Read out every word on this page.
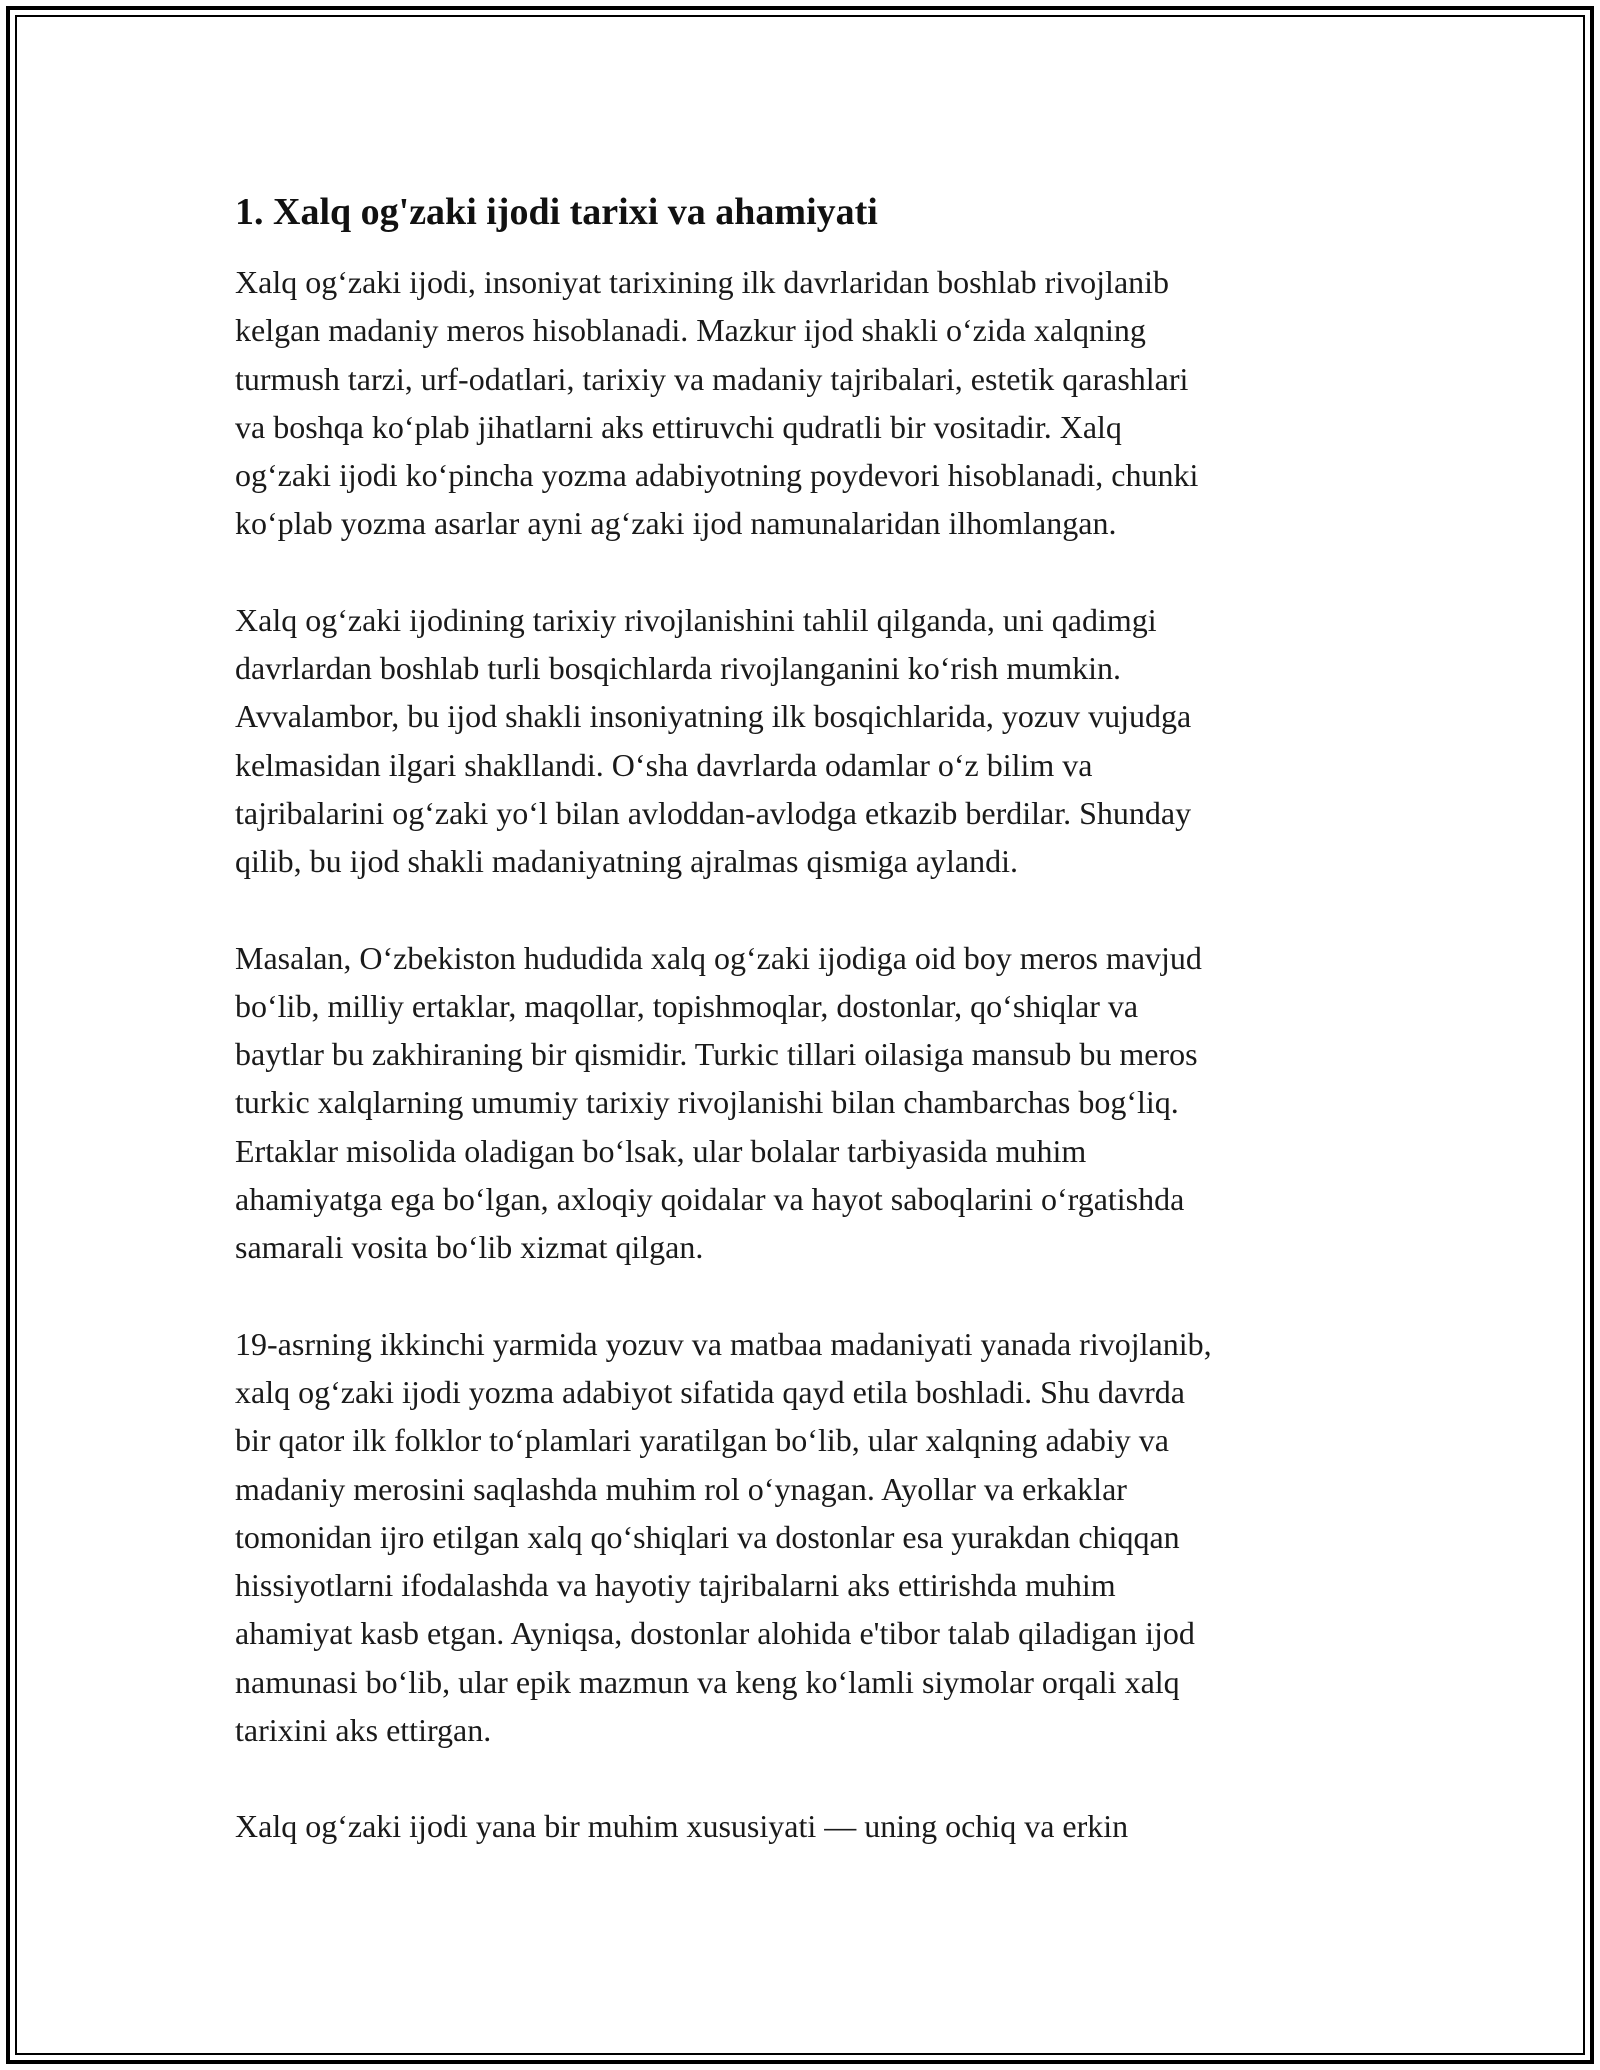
1. Xalq og'zaki ijodi tarixi va ahamiyati

Xalq og‘zaki ijodi, insoniyat tarixining ilk davrlaridan boshlab rivojlanib
kelgan madaniy meros hisoblanadi. Mazkur ijod shakli o‘zida xalqning
turmush tarzi, urf-odatlari, tarixiy va madaniy tajribalari, estetik qarashlari
va boshqa ko‘plab jihatlarni aks ettiruvchi qudratli bir vositadir. Xalq
og‘zaki ijodi ko‘pincha yozma adabiyotning poydevori hisoblanadi, chunki
ko‘plab yozma asarlar ayni ag‘zaki ijod namunalaridan ilhomlangan.

Xalq og‘zaki ijodining tarixiy rivojlanishini tahlil qilganda, uni qadimgi
davrlardan boshlab turli bosqichlarda rivojlanganini ko‘rish mumkin.
Avvalambor, bu ijod shakli insoniyatning ilk bosqichlarida, yozuv vujudga
kelmasidan ilgari shakllandi. O‘sha davrlarda odamlar o‘z bilim va
tajribalarini og‘zaki yo‘l bilan avloddan-avlodga etkazib berdilar. Shunday
qilib, bu ijod shakli madaniyatning ajralmas qismiga aylandi.

Masalan, O‘zbekiston hududida xalq og‘zaki ijodiga oid boy meros mavjud
bo‘lib, milliy ertaklar, maqollar, topishmoqlar, dostonlar, qo‘shiqlar va
baytlar bu zakhiraning bir qismidir. Turkic tillari oilasiga mansub bu meros
turkic xalqlarning umumiy tarixiy rivojlanishi bilan chambarchas bog‘liq.
Ertaklar misolida oladigan bo‘lsak, ular bolalar tarbiyasida muhim
ahamiyatga ega bo‘lgan, axloqiy qoidalar va hayot saboqlarini o‘rgatishda
samarali vosita bo‘lib xizmat qilgan.

19-asrning ikkinchi yarmida yozuv va matbaa madaniyati yanada rivojlanib,
xalq og‘zaki ijodi yozma adabiyot sifatida qayd etila boshladi. Shu davrda
bir qator ilk folklor to‘plamlari yaratilgan bo‘lib, ular xalqning adabiy va
madaniy merosini saqlashda muhim rol o‘ynagan. Ayollar va erkaklar
tomonidan ijro etilgan xalq qo‘shiqlari va dostonlar esa yurakdan chiqqan
hissiyotlarni ifodalashda va hayotiy tajribalarni aks ettirishda muhim
ahamiyat kasb etgan. Ayniqsa, dostonlar alohida e'tibor talab qiladigan ijod
namunasi bo‘lib, ular epik mazmun va keng ko‘lamli siymolar orqali xalq
tarixini aks ettirgan.

Xalq og‘zaki ijodi yana bir muhim xususiyati — uning ochiq va erkin
